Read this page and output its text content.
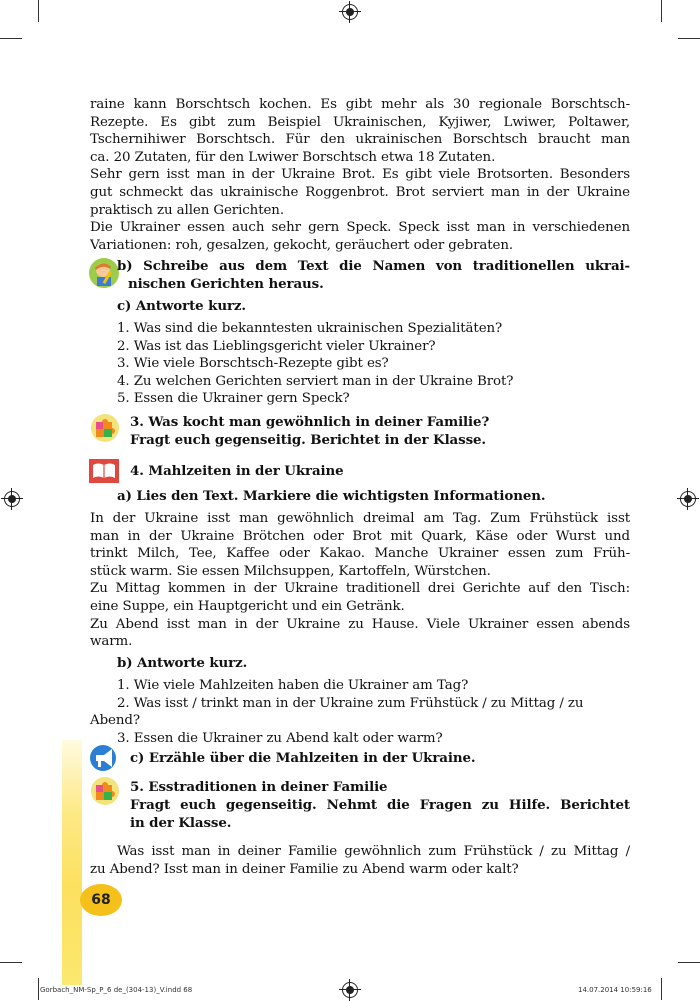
raine kann Borschtsch kochen. Es gibt mehr als 30 regionale Borschtsch-
Rezepte. Es gibt zum Beispiel Ukrainischen, Kyjiwer, Lwiwer, Poltawer,
Tschernihiwer Borschtsch. Für den ukrainischen Borschtsch braucht man
ca. 20 Zutaten, für den Lwiwer Borschtsch etwa 18 Zutaten.
Sehr gern isst man in der Ukraine Brot. Es gibt viele Brotsorten. Besonders
gut schmeckt das ukrainische Roggenbrot. Brot serviert man in der Ukraine
praktisch zu allen Gerichten.
Die Ukrainer essen auch sehr gern Speck. Speck isst man in verschiedenen
Variationen: roh, gesalzen, gekocht, geräuchert oder gebraten.
b) Schreibe aus dem Text die Namen von traditionellen ukrai-
nischen Gerichten heraus.
c) Antworte kurz.
1. Was sind die bekanntesten ukrainischen Spezialitäten?
2. Was ist das Lieblingsgericht vieler Ukrainer?
3. Wie viele Borschtsch-Rezepte gibt es?
4. Zu welchen Gerichten serviert man in der Ukraine Brot?
5. Essen die Ukrainer gern Speck?
3. Was kocht man gewöhnlich in deiner Familie?
Fragt euch gegenseitig. Berichtet in der Klasse.
4. Mahlzeiten in der Ukraine
a) Lies den Text. Markiere die wichtigsten Informationen.
In der Ukraine isst man gewöhnlich dreimal am Tag. Zum Frühstück isst
man in der Ukraine Brötchen oder Brot mit Quark, Käse oder Wurst und
trinkt Milch, Tee, Kaffee oder Kakao. Manche Ukrainer essen zum Früh-
stück warm. Sie essen Milchsuppen, Kartoffeln, Würstchen.
Zu Mittag kommen in der Ukraine traditionell drei Gerichte auf den Tisch:
eine Suppe, ein Hauptgericht und ein Getränk.
Zu Abend isst man in der Ukraine zu Hause. Viele Ukrainer essen abends
warm.
b) Antworte kurz.
1. Wie viele Mahlzeiten haben die Ukrainer am Tag?
2. Was isst / trinkt man in der Ukraine zum Frühstück / zu Mittag / zu
Abend?
3. Essen die Ukrainer zu Abend kalt oder warm?
c) Erzähle über die Mahlzeiten in der Ukraine.
5. Esstraditionen in deiner Familie
Fragt euch gegenseitig. Nehmt die Fragen zu Hilfe. Berichtet
in der Klasse.
Was isst man in deiner Familie gewöhnlich zum Frühstück / zu Mittag /
zu Abend? Isst man in deiner Familie zu Abend warm oder kalt?
68
Gorbach_NM-Sp_P_6 de_(304-13)_V.indd 68	14.07.2014 10:59:16
